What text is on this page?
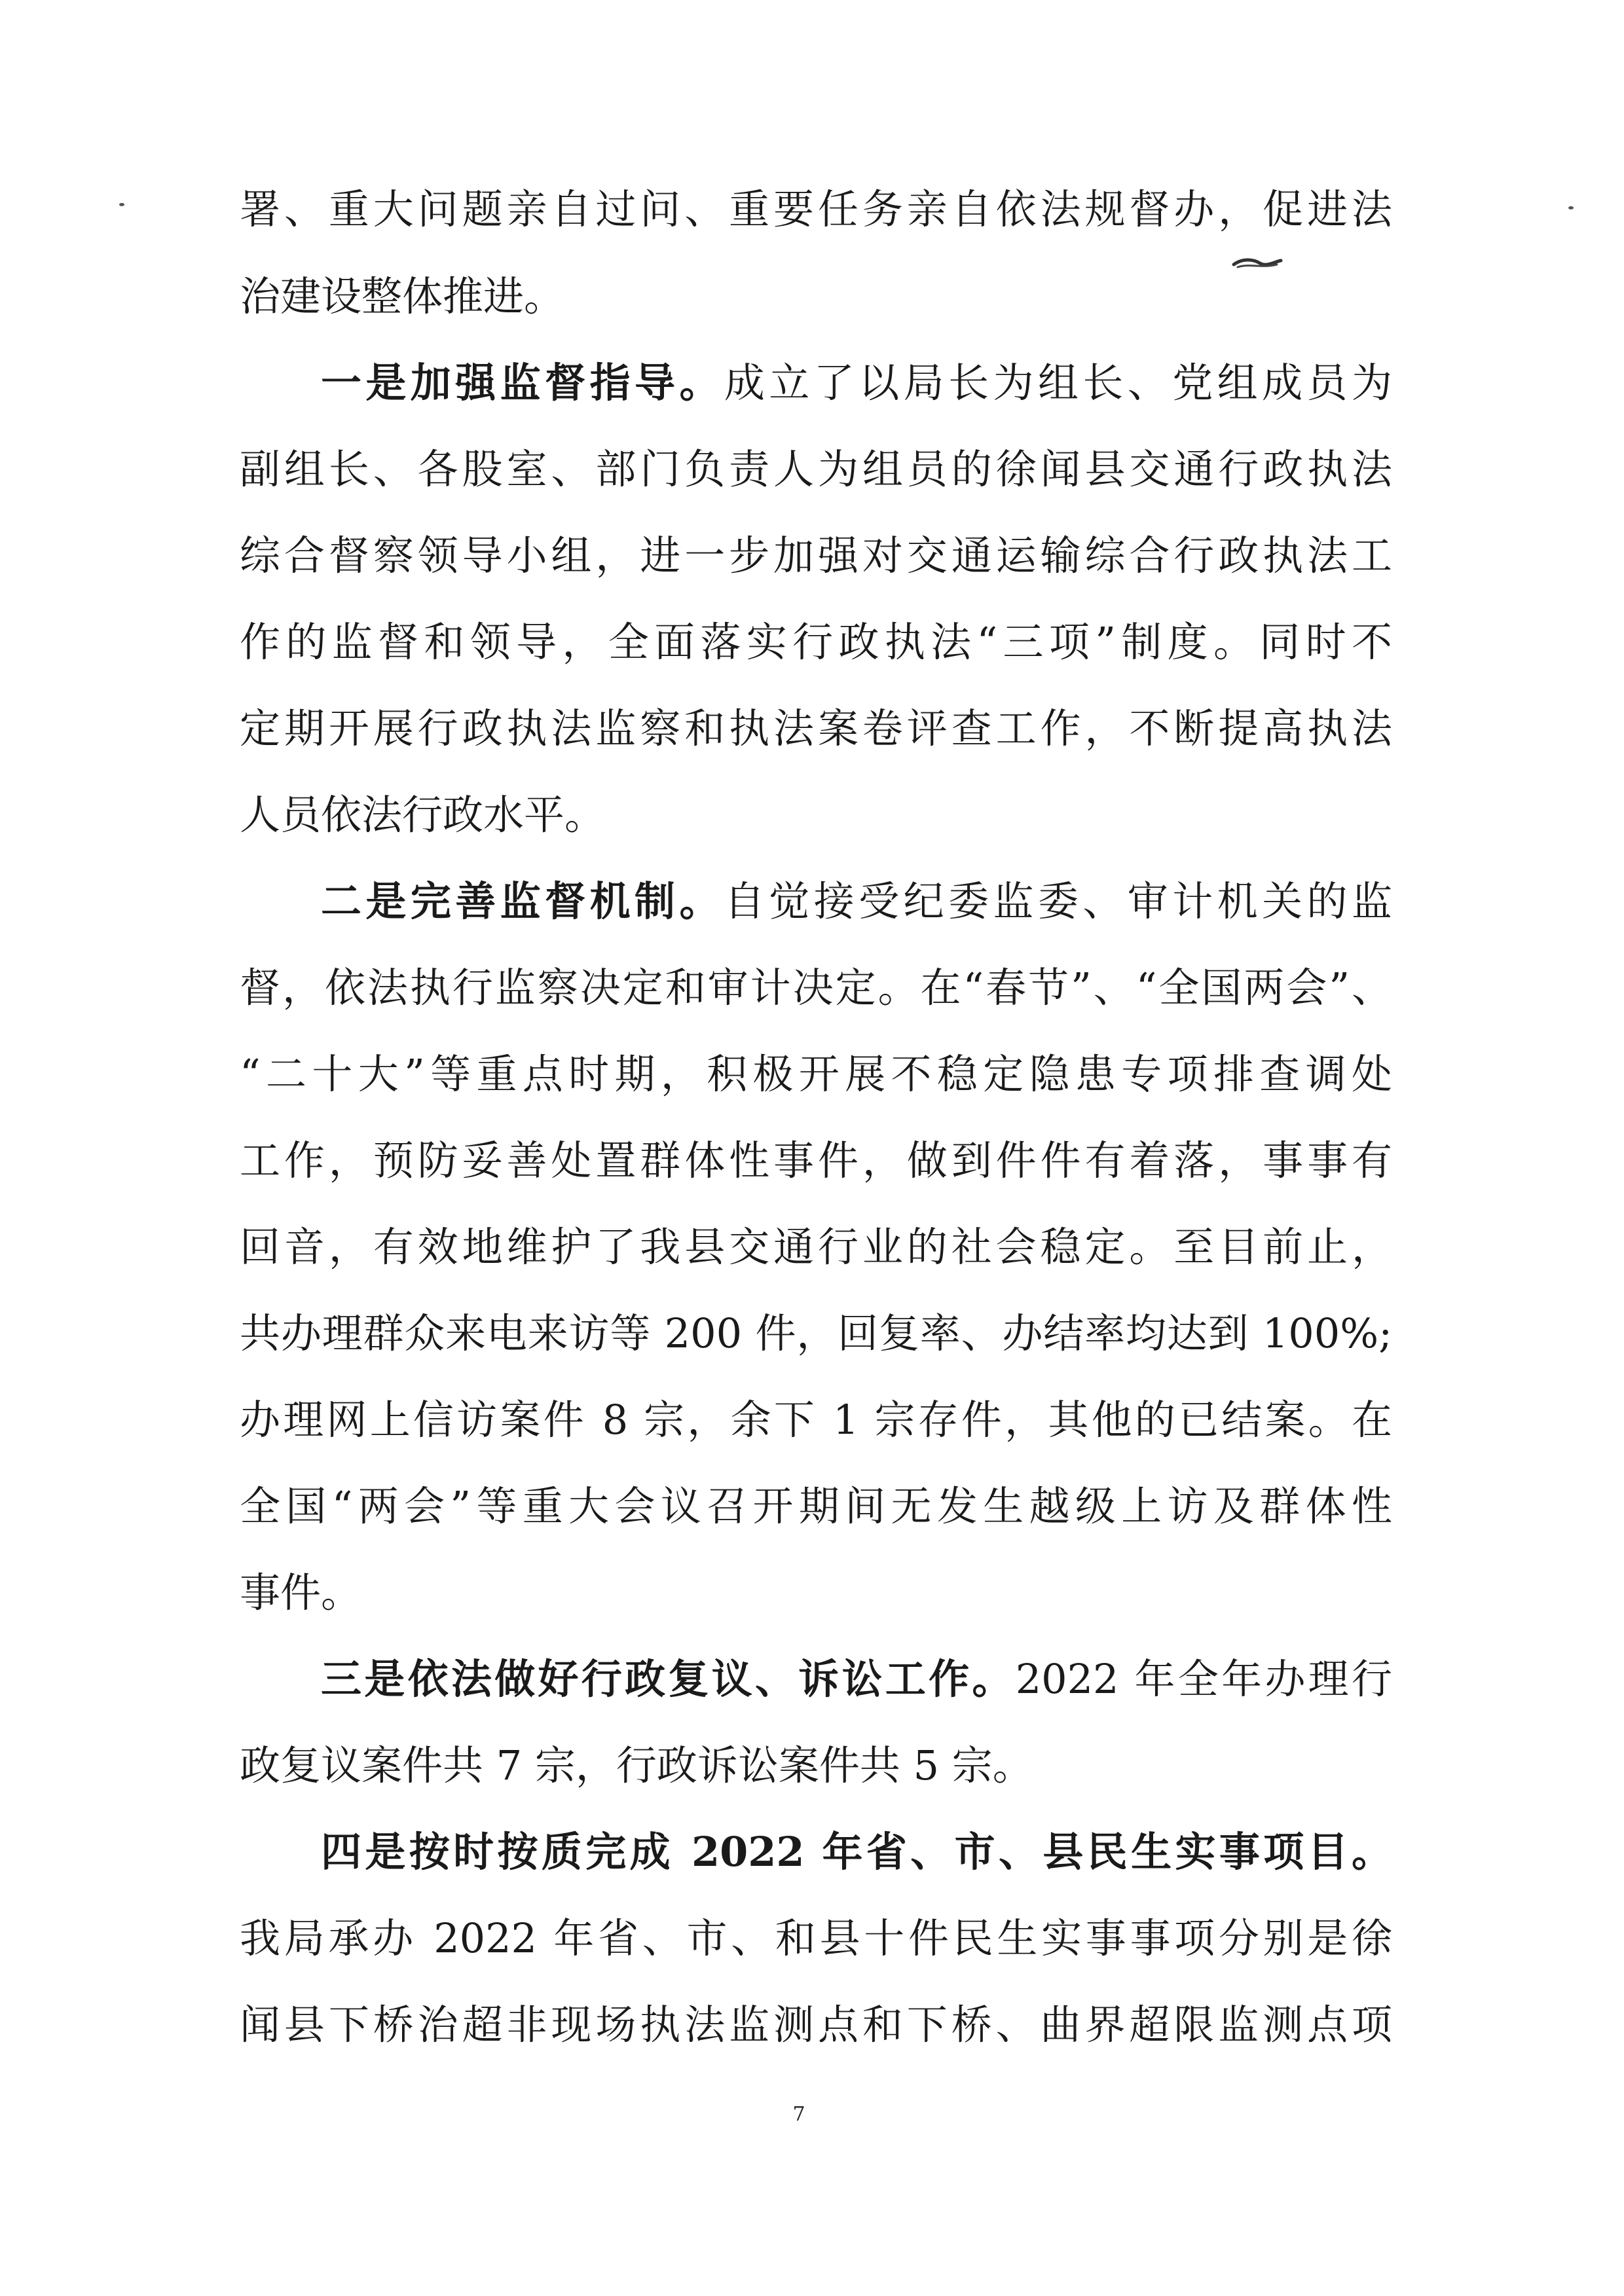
署、重大问题亲自过问、重要任务亲自依法规督办，促进法
治建设整体推进。
一是加强监督指导。成立了以局长为组长、党组成员为
副组长、各股室、部门负责人为组员的徐闻县交通行政执法
综合督察领导小组，进一步加强对交通运输综合行政执法工
作的监督和领导，全面落实行政执法“三项”制度。同时不
定期开展行政执法监察和执法案卷评查工作，不断提高执法
人员依法行政水平。
二是完善监督机制。自觉接受纪委监委、审计机关的监
督，依法执行监察决定和审计决定。在“春节”、“全国两会”、
“二十大”等重点时期，积极开展不稳定隐患专项排查调处
工作，预防妥善处置群体性事件，做到件件有着落，事事有
回音，有效地维护了我县交通行业的社会稳定。至目前止，
共办理群众来电来访等 200 件，回复率、办结率均达到 100%;
办理网上信访案件 8 宗，余下 1 宗存件，其他的已结案。在
全国“两会”等重大会议召开期间无发生越级上访及群体性
事件。
三是依法做好行政复议、诉讼工作。2022 年全年办理行
政复议案件共 7 宗，行政诉讼案件共 5 宗。
四是按时按质完成 2022 年省、市、县民生实事项目。
我局承办 2022 年省、市、和县十件民生实事事项分别是徐
闻县下桥治超非现场执法监测点和下桥、曲界超限监测点项
7
